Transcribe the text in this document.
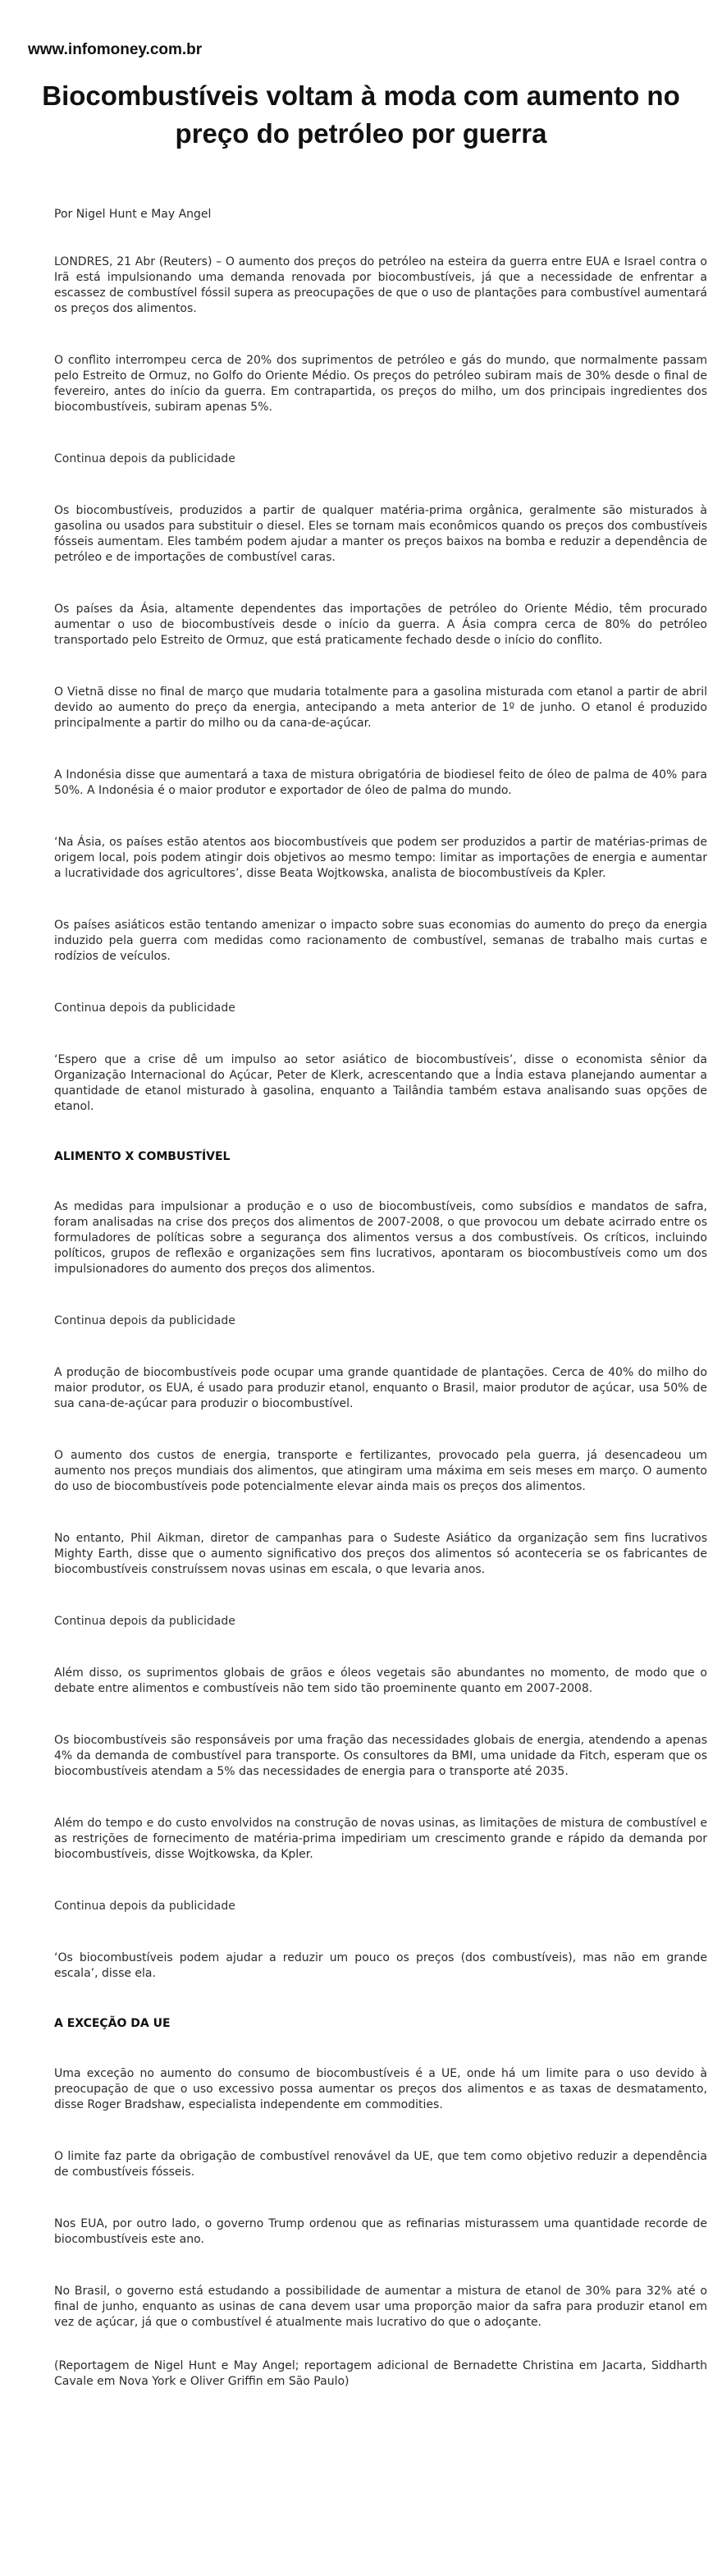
www.infomoney.com.br
Biocombustíveis voltam à moda com aumento no preço do petróleo por guerra

Por Nigel Hunt e May Angel

LONDRES, 21 Abr (Reuters) – O aumento dos preços do petróleo na esteira da guerra entre EUA e Israel contra o Irã está impulsionando uma demanda renovada por biocombustíveis, já que a necessidade de enfrentar a escassez de combustível fóssil supera as preocupações de que o uso de plantações para combustível aumentará os preços dos alimentos.

O conflito interrompeu cerca de 20% dos suprimentos de petróleo e gás do mundo, que normalmente passam pelo Estreito de Ormuz, no Golfo do Oriente Médio. Os preços do petróleo subiram mais de 30% desde o final de fevereiro, antes do início da guerra. Em contrapartida, os preços do milho, um dos principais ingredientes dos biocombustíveis, subiram apenas 5%.

Continua depois da publicidade

Os biocombustíveis, produzidos a partir de qualquer matéria-prima orgânica, geralmente são misturados à gasolina ou usados para substituir o diesel. Eles se tornam mais econômicos quando os preços dos combustíveis fósseis aumentam. Eles também podem ajudar a manter os preços baixos na bomba e reduzir a dependência de petróleo e de importações de combustível caras.

Os países da Ásia, altamente dependentes das importações de petróleo do Oriente Médio, têm procurado aumentar o uso de biocombustíveis desde o início da guerra. A Ásia compra cerca de 80% do petróleo transportado pelo Estreito de Ormuz, que está praticamente fechado desde o início do conflito.

O Vietnã disse no final de março que mudaria totalmente para a gasolina misturada com etanol a partir de abril devido ao aumento do preço da energia, antecipando a meta anterior de 1º de junho. O etanol é produzido principalmente a partir do milho ou da cana-de-açúcar.

A Indonésia disse que aumentará a taxa de mistura obrigatória de biodiesel feito de óleo de palma de 40% para 50%. A Indonésia é o maior produtor e exportador de óleo de palma do mundo.

‘Na Ásia, os países estão atentos aos biocombustíveis que podem ser produzidos a partir de matérias-primas de origem local, pois podem atingir dois objetivos ao mesmo tempo: limitar as importações de energia e aumentar a lucratividade dos agricultores’, disse Beata Wojtkowska, analista de biocombustíveis da Kpler.

Os países asiáticos estão tentando amenizar o impacto sobre suas economias do aumento do preço da energia induzido pela guerra com medidas como racionamento de combustível, semanas de trabalho mais curtas e rodízios de veículos.

Continua depois da publicidade

‘Espero que a crise dê um impulso ao setor asiático de biocombustíveis’, disse o economista sênior da Organização Internacional do Açúcar, Peter de Klerk, acrescentando que a Índia estava planejando aumentar a quantidade de etanol misturado à gasolina, enquanto a Tailândia também estava analisando suas opções de etanol.

ALIMENTO X COMBUSTÍVEL

As medidas para impulsionar a produção e o uso de biocombustíveis, como subsídios e mandatos de safra, foram analisadas na crise dos preços dos alimentos de 2007-2008, o que provocou um debate acirrado entre os formuladores de políticas sobre a segurança dos alimentos versus a dos combustíveis. Os críticos, incluindo políticos, grupos de reflexão e organizações sem fins lucrativos, apontaram os biocombustíveis como um dos impulsionadores do aumento dos preços dos alimentos.

Continua depois da publicidade

A produção de biocombustíveis pode ocupar uma grande quantidade de plantações. Cerca de 40% do milho do maior produtor, os EUA, é usado para produzir etanol, enquanto o Brasil, maior produtor de açúcar, usa 50% de sua cana-de-açúcar para produzir o biocombustível.

O aumento dos custos de energia, transporte e fertilizantes, provocado pela guerra, já desencadeou um aumento nos preços mundiais dos alimentos, que atingiram uma máxima em seis meses em março. O aumento do uso de biocombustíveis pode potencialmente elevar ainda mais os preços dos alimentos.

No entanto, Phil Aikman, diretor de campanhas para o Sudeste Asiático da organização sem fins lucrativos Mighty Earth, disse que o aumento significativo dos preços dos alimentos só aconteceria se os fabricantes de biocombustíveis construíssem novas usinas em escala, o que levaria anos.

Continua depois da publicidade

Além disso, os suprimentos globais de grãos e óleos vegetais são abundantes no momento, de modo que o debate entre alimentos e combustíveis não tem sido tão proeminente quanto em 2007-2008.

Os biocombustíveis são responsáveis por uma fração das necessidades globais de energia, atendendo a apenas 4% da demanda de combustível para transporte. Os consultores da BMI, uma unidade da Fitch, esperam que os biocombustíveis atendam a 5% das necessidades de energia para o transporte até 2035.

Além do tempo e do custo envolvidos na construção de novas usinas, as limitações de mistura de combustível e as restrições de fornecimento de matéria-prima impediriam um crescimento grande e rápido da demanda por biocombustíveis, disse Wojtkowska, da Kpler.

Continua depois da publicidade

‘Os biocombustíveis podem ajudar a reduzir um pouco os preços (dos combustíveis), mas não em grande escala’, disse ela.

A EXCEÇÃO DA UE

Uma exceção no aumento do consumo de biocombustíveis é a UE, onde há um limite para o uso devido à preocupação de que o uso excessivo possa aumentar os preços dos alimentos e as taxas de desmatamento, disse Roger Bradshaw, especialista independente em commodities.

O limite faz parte da obrigação de combustível renovável da UE, que tem como objetivo reduzir a dependência de combustíveis fósseis.

Nos EUA, por outro lado, o governo Trump ordenou que as refinarias misturassem uma quantidade recorde de biocombustíveis este ano.

No Brasil, o governo está estudando a possibilidade de aumentar a mistura de etanol de 30% para 32% até o final de junho, enquanto as usinas de cana devem usar uma proporção maior da safra para produzir etanol em vez de açúcar, já que o combustível é atualmente mais lucrativo do que o adoçante.

(Reportagem de Nigel Hunt e May Angel; reportagem adicional de Bernadette Christina em Jacarta, Siddharth Cavale em Nova York e Oliver Griffin em São Paulo)
